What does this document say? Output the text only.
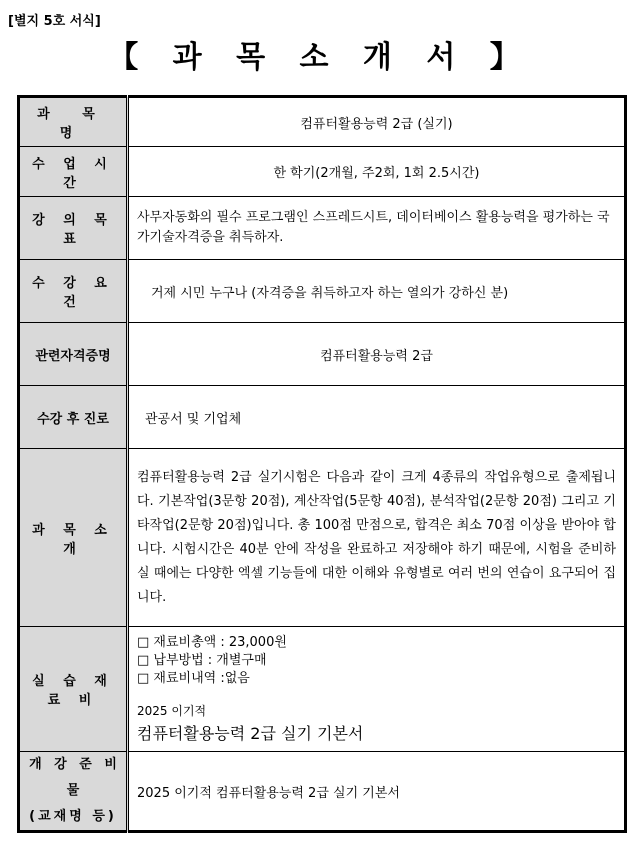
[별지 5호 서식]
【 과 목 소 개 서 】
과 목 명	컴퓨터활용능력 2급 (실기)
수 업 시 간	한 학기(2개월, 주2회, 1회 2.5시간)
강 의 목 표	사무자동화의 필수 프로그램인 스프레드시트, 데이터베이스 활용능력을 평가하는 국가기술자격증을 취득하자.
수 강 요 건	거제 시민 누구나 (자격증을 취득하고자 하는 열의가 강하신 분)
관련자격증명	컴퓨터활용능력 2급
수강 후 진로	관공서 및 기업체
과 목 소 개	컴퓨터활용능력 2급 실기시험은 다음과 같이 크게 4종류의 작업유형으로 출제됩니다. 기본작업(3문항 20점), 계산작업(5문항 40점), 분석작업(2문항 20점) 그리고 기타작업(2문항 20점)입니다. 총 100점 만점으로, 합격은 최소 70점 이상을 받아야 합니다. 시험시간은 40분 안에 작성을 완료하고 저장해야 하기 때문에, 시험을 준비하실 때에는 다양한 엑셀 기능들에 대한 이해와 유형별로 여러 번의 연습이 요구되어 집니다.
실 습 재 료 비	□ 재료비총액 : 23,000원
□ 납부방법 : 개별구매
□ 재료비내역 :없음
2025 이기적
컴퓨터활용능력 2급 실기 기본서

개 강 준 비 물
(교재명 등)	2025 이기적 컴퓨터활용능력 2급 실기 기본서
